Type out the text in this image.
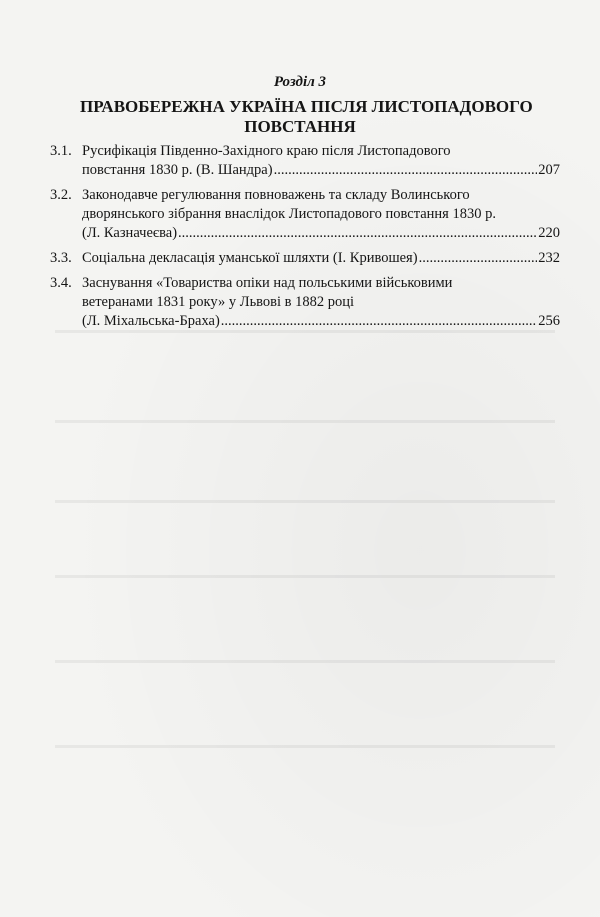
Розділ 3
ПРАВОБЕРЕЖНА УКРАЇНА ПІСЛЯ ЛИСТОПАДОВОГО
ПОВСТАННЯ
3.1. Русифікація Південно-Західного краю після Листопадового
повстання 1830 р. (В. Шандра) .....	207
3.2. Законодавче регулювання повноважень та складу Волинського
дворянського зібрання внаслідок Листопадового повстання 1830 р.
(Л. Казначеєва) .....	220
3.3. Соціальна декласація уманської шляхти (І. Кривошея) .....	232
3.4. Заснування «Товариства опіки над польськими військовими
ветеранами 1831 року» у Львові в 1882 році
(Л. Міхальська-Браха) .....	256
